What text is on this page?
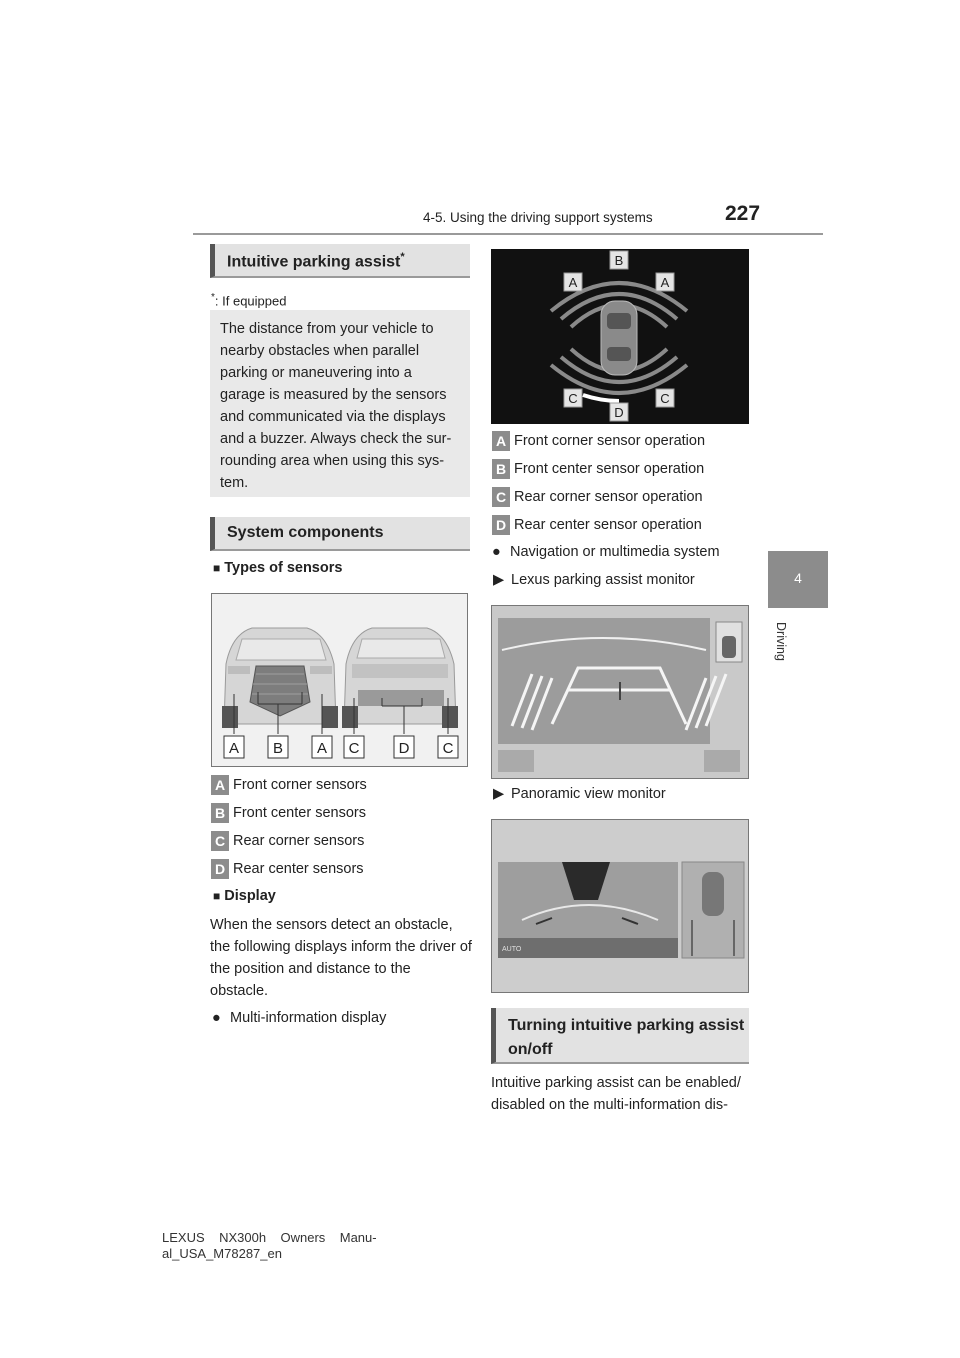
4-5. Using the driving support systems	227
4
Driving
Intuitive parking assist*
*: If equipped
The distance from your vehicle to nearby obstacles when parallel parking or maneuvering into a garage is measured by the sensors and communicated via the displays and a buzzer. Always check the sur-rounding area when using this sys-tem.
System components
■ Types of sensors
A B A C	D C
A Front corner sensors
B Front center sensors
C Rear corner sensors
D Rear center sensors
■ Display
When the sensors detect an obstacle, the following displays inform the driver of the position and distance to the obstacle.
● Multi-information display
A
B
A
C
D
C
A Front corner sensor operation
B Front center sensor operation
C Rear corner sensor operation
D Rear center sensor operation
● Navigation or multimedia system
▶ Lexus parking assist monitor
▶ Panoramic view monitor
AUTO
Turning intuitive parking assist
on/off
Intuitive parking assist can be enabled/ disabled on the multi-information dis-
LEXUS    NX300h    Owners    Manu-
al_USA_M78287_en
